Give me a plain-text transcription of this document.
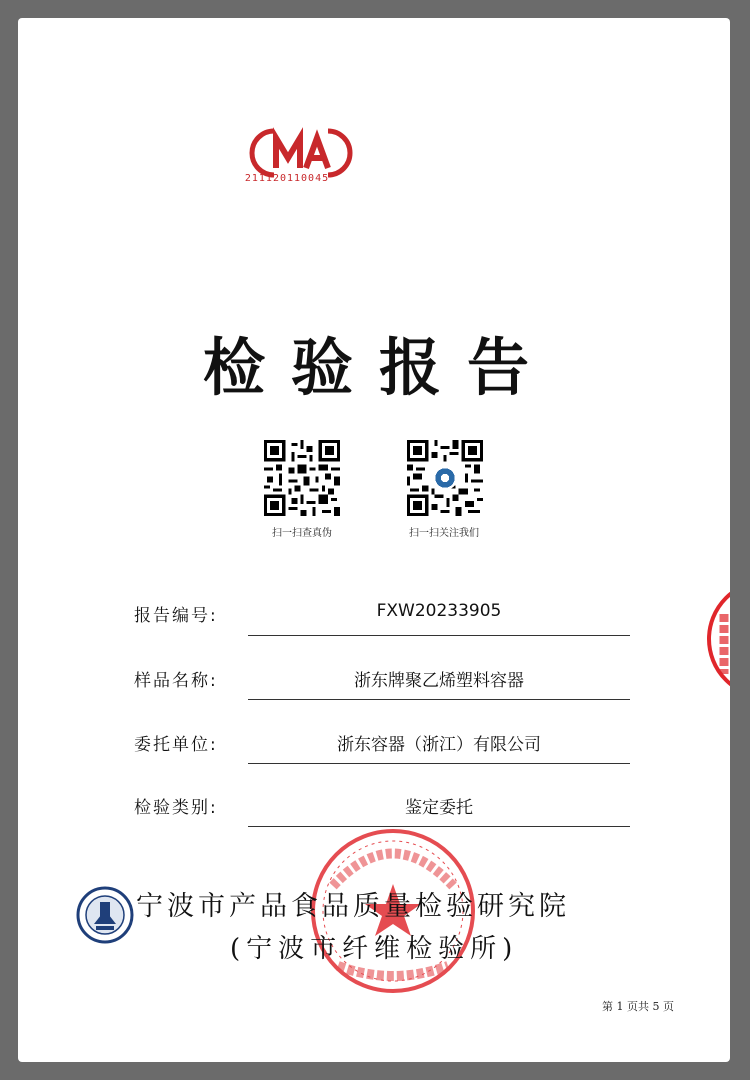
211120110045
检验报告
扫一扫查真伪	扫一扫关注我们
报告编号:	FXW20233905
样品名称:	浙东牌聚乙烯塑料容器
委托单位:	浙东容器（浙江）有限公司
检验类别:	鉴定委托
宁波市产品食品质量检验研究院
(宁波市纤维检验所)
第 1 页共 5 页
